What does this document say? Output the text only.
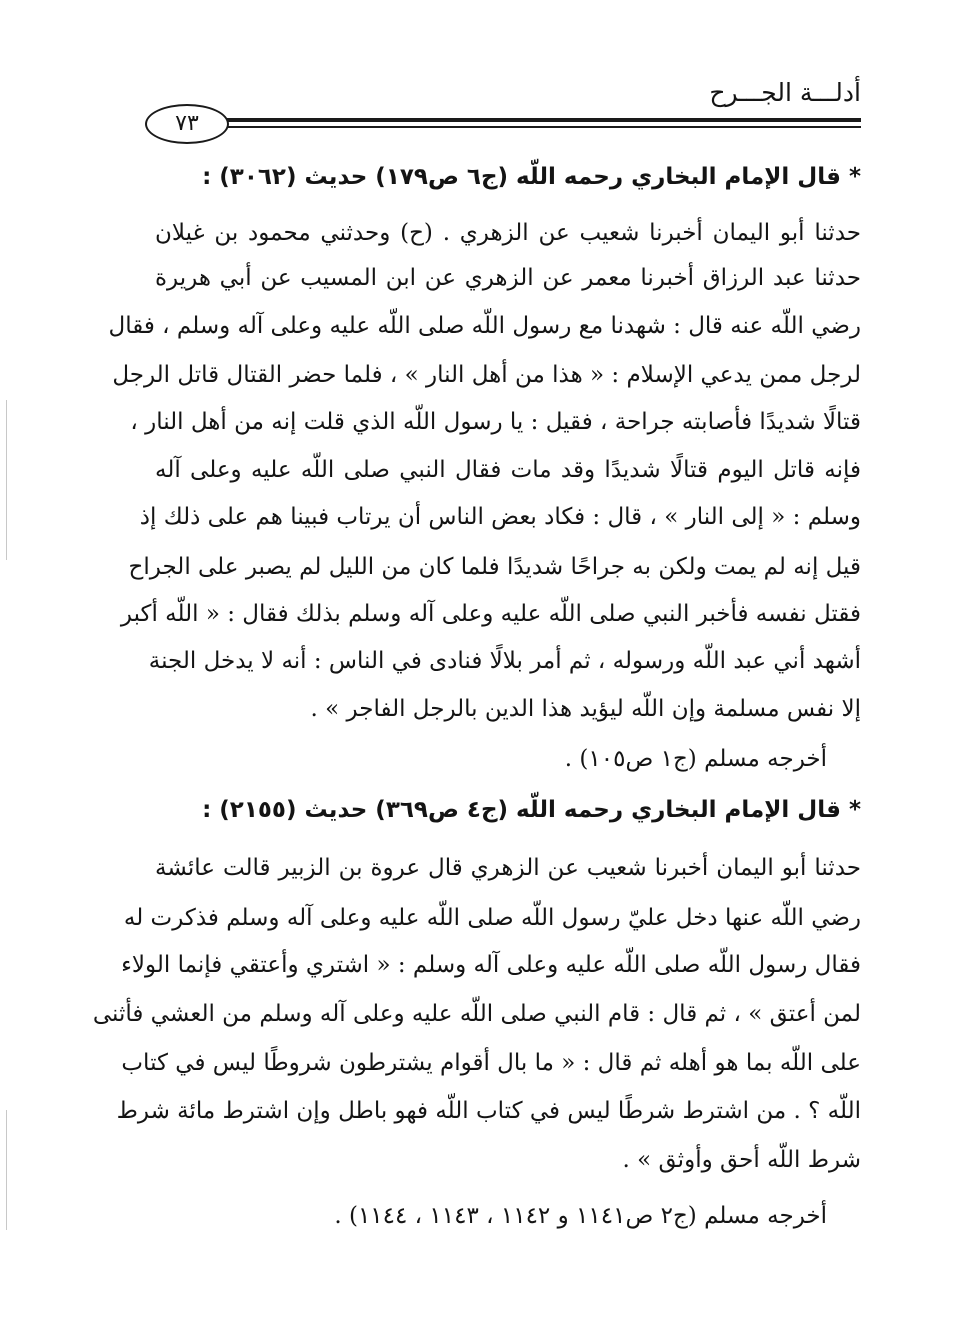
أدلـــة الجـــرح
٧٣
* قال الإمام البخاري رحمه اللّه (ج٦ ص١٧٩) حديث (٣٠٦٢) :
حدثنا أبو اليمان أخبرنا شعيب عن الزهري . (ح) وحدثني محمود بن غيلان
حدثنا عبد الرزاق أخبرنا معمر عن الزهري عن ابن المسيب عن أبي هريرة
رضي اللّه عنه قال : شهدنا مع رسول اللّه صلى اللّه عليه وعلى آله وسلم ، فقال
لرجل ممن يدعي الإسلام : « هذا من أهل النار » ، فلما حضر القتال قاتل الرجل
قتالًا شديدًا فأصابته جراحة ، فقيل : يا رسول اللّه الذي قلت إنه من أهل النار ،
فإنه قاتل اليوم قتالًا شديدًا وقد مات فقال النبي صلى اللّه عليه وعلى آله
وسلم : « إلى النار » ، قال : فكاد بعض الناس أن يرتاب فبينا هم على ذلك إذ
قيل إنه لم يمت ولكن به جراحًا شديدًا فلما كان من الليل لم يصبر على الجراح
فقتل نفسه فأخبر النبي صلى اللّه عليه وعلى آله وسلم بذلك فقال : « اللّه أكبر
أشهد أني عبد اللّه ورسوله ، ثم أمر بلالًا فنادى في الناس : أنه لا يدخل الجنة
إلا نفس مسلمة وإن اللّه ليؤيد هذا الدين بالرجل الفاجر » .
أخرجه مسلم (ج١ ص١٠٥) .
* قال الإمام البخاري رحمه اللّه (ج٤ ص٣٦٩) حديث (٢١٥٥) :
حدثنا أبو اليمان أخبرنا شعيب عن الزهري قال عروة بن الزبير قالت عائشة
رضي اللّه عنها دخل عليّ رسول اللّه صلى اللّه عليه وعلى آله وسلم فذكرت له
فقال رسول اللّه صلى اللّه عليه وعلى آله وسلم : « اشتري وأعتقي فإنما الولاء
لمن أعتق » ، ثم قال : قام النبي صلى اللّه عليه وعلى آله وسلم من العشي فأثنى
على اللّه بما هو أهله ثم قال : « ما بال أقوام يشترطون شروطًا ليس في كتاب
اللّه ؟ . من اشترط شرطًا ليس في كتاب اللّه فهو باطل وإن اشترط مائة شرط
شرط اللّه أحق وأوثق » .
أخرجه مسلم (ج٢ ص١١٤١ و ١١٤٢ ، ١١٤٣ ، ١١٤٤) .
